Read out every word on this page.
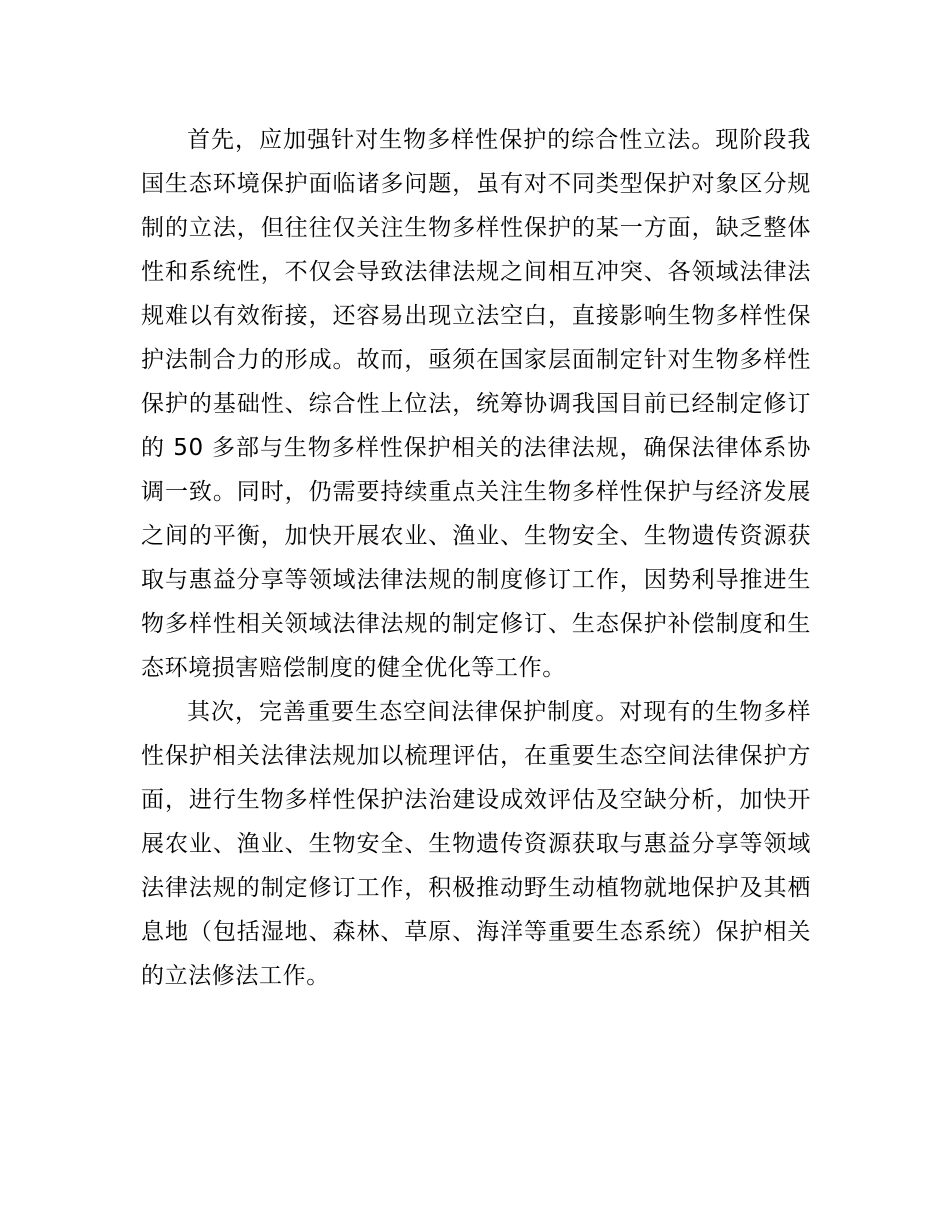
首先，应加强针对生物多样性保护的综合性立法。现阶段我国生态环境保护面临诸多问题，虽有对不同类型保护对象区分规制的立法，但往往仅关注生物多样性保护的某一方面，缺乏整体性和系统性，不仅会导致法律法规之间相互冲突、各领域法律法规难以有效衔接，还容易出现立法空白，直接影响生物多样性保护法制合力的形成。故而，亟须在国家层面制定针对生物多样性保护的基础性、综合性上位法，统筹协调我国目前已经制定修订的 50 多部与生物多样性保护相关的法律法规，确保法律体系协调一致。同时，仍需要持续重点关注生物多样性保护与经济发展之间的平衡，加快开展农业、渔业、生物安全、生物遗传资源获取与惠益分享等领域法律法规的制度修订工作，因势利导推进生物多样性相关领域法律法规的制定修订、生态保护补偿制度和生态环境损害赔偿制度的健全优化等工作。

其次，完善重要生态空间法律保护制度。对现有的生物多样性保护相关法律法规加以梳理评估，在重要生态空间法律保护方面，进行生物多样性保护法治建设成效评估及空缺分析，加快开展农业、渔业、生物安全、生物遗传资源获取与惠益分享等领域法律法规的制定修订工作，积极推动野生动植物就地保护及其栖息地（包括湿地、森林、草原、海洋等重要生态系统）保护相关的立法修法工作。
